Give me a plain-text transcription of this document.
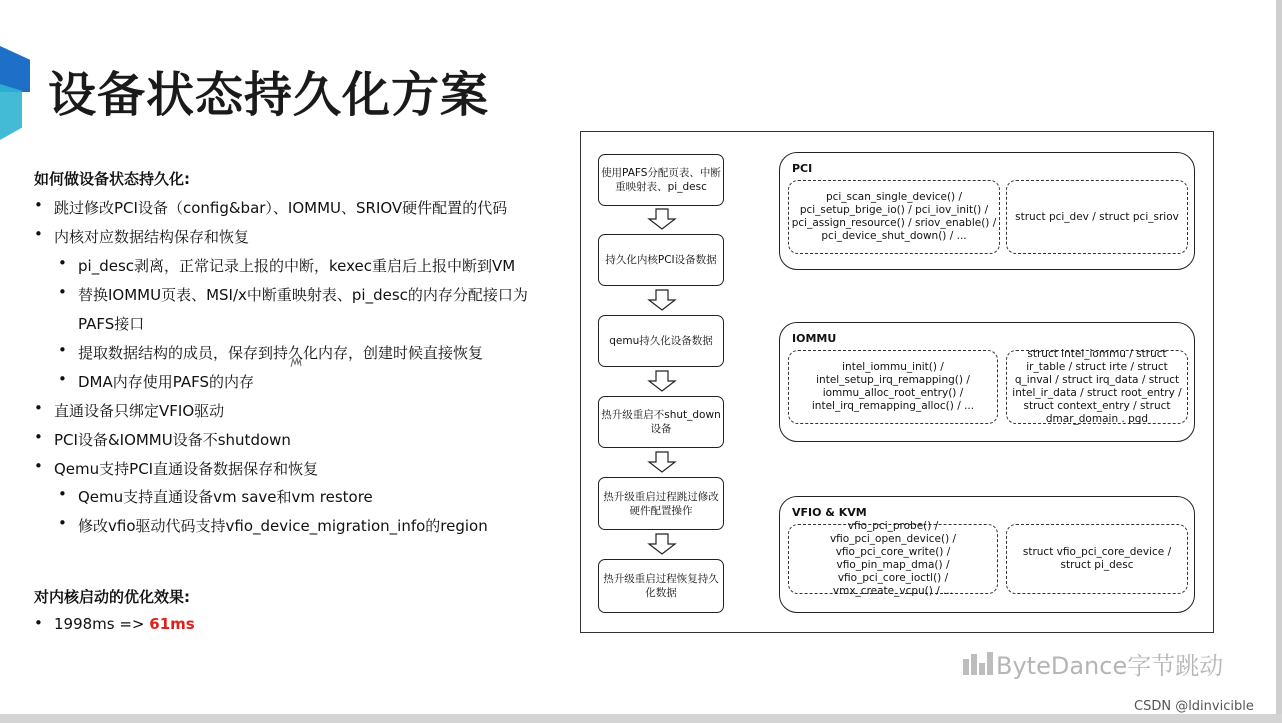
设备状态持久化方案
如何做设备状态持久化:
• 跳过修改PCI设备（config&bar）、IOMMU、SRIOV硬件配置的代码
• 内核对应数据结构保存和恢复
• pi_desc剥离，正常记录上报的中断，kexec重启后上报中断到VM
• 替换IOMMU页表、MSI/x中断重映射表、pi_desc的内存分配接口为
PAFS接口
• 提取数据结构的成员，保存到持久化内存，创建时候直接恢复
• DMA内存使用PAFS的内存
• 直通设备只绑定VFIO驱动
• PCI设备&IOMMU设备不shutdown
• Qemu支持PCI直通设备数据保存和恢复
• Qemu支持直通设备vm save和vm restore
• 修改vfio驱动代码支持vfio_device_migration_info的region
对内核启动的优化效果:
• 1998ms => 61ms
使用PAFS分配页表、中断重映射表、pi_desc
持久化内核PCI设备数据
qemu持久化设备数据
热升级重启不shut_down设备
热升级重启过程跳过修改硬件配置操作
热升级重启过程恢复持久化数据
PCI
pci_scan_single_device() / pci_setup_brige_io() / pci_iov_init() / pci_assign_resource() / sriov_enable() / pci_device_shut_down() / ...
struct pci_dev / struct pci_sriov
IOMMU
intel_iommu_init() / intel_setup_irq_remapping() / iommu_alloc_root_entry() / intel_irq_remapping_alloc() / ...
struct intel_iommu / struct ir_table / struct irte / struct q_inval / struct irq_data / struct intel_ir_data / struct root_entry / struct context_entry / struct dmar_domain . pgd
VFIO & KVM
vfio_pci_probe() / vfio_pci_open_device() / vfio_pci_core_write() / vfio_pin_map_dma() / vfio_pci_core_ioctl() / vmx_create_vcpu() / ...
struct vfio_pci_core_device / struct pi_desc
ByteDance字节跳动
CSDN @ldinvicible
